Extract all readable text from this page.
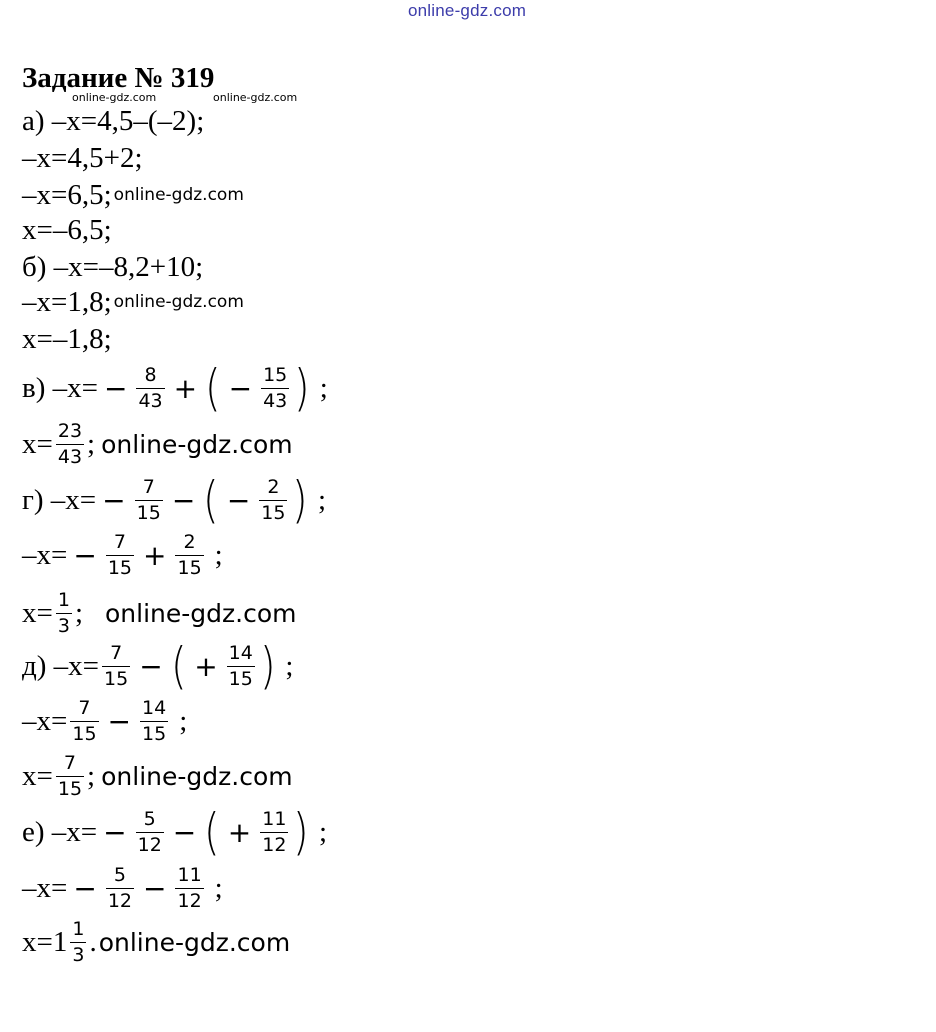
online-gdz.com
Задание № 319
online-gdz.com	online-gdz.com
а) –x=4,5–(–2);
–x=4,5+2;
–x=6,5; online-gdz.com
x=–6,5;
б) –x=–8,2+10;
–x=1,8; online-gdz.com
x=–1,8;
в) $-x= - \frac{8}{43}$ + ( − $\frac{15}{43}$ ) ;
$x= \frac{23}{43}$ ; online-gdz.com
г) $-x= - \frac{7}{15}$ − ( − $\frac{2}{15}$ ) ;
$-x= - \frac{7}{15} + \frac{2}{15}$ ;
$x= \frac{1}{3}$ ; online-gdz.com
д) $-x= \frac{7}{15}$ − ( + $\frac{14}{15}$ ) ;
$-x= \frac{7}{15} - \frac{14}{15}$ ;
$x= \frac{7}{15}$ ; online-gdz.com
е) $-x= - \frac{5}{12}$ − ( + $\frac{11}{12}$ ) ;
$-x= - \frac{5}{12} - \frac{11}{12}$ ;
$x=1 \frac{1}{3}$ . online-gdz.com
